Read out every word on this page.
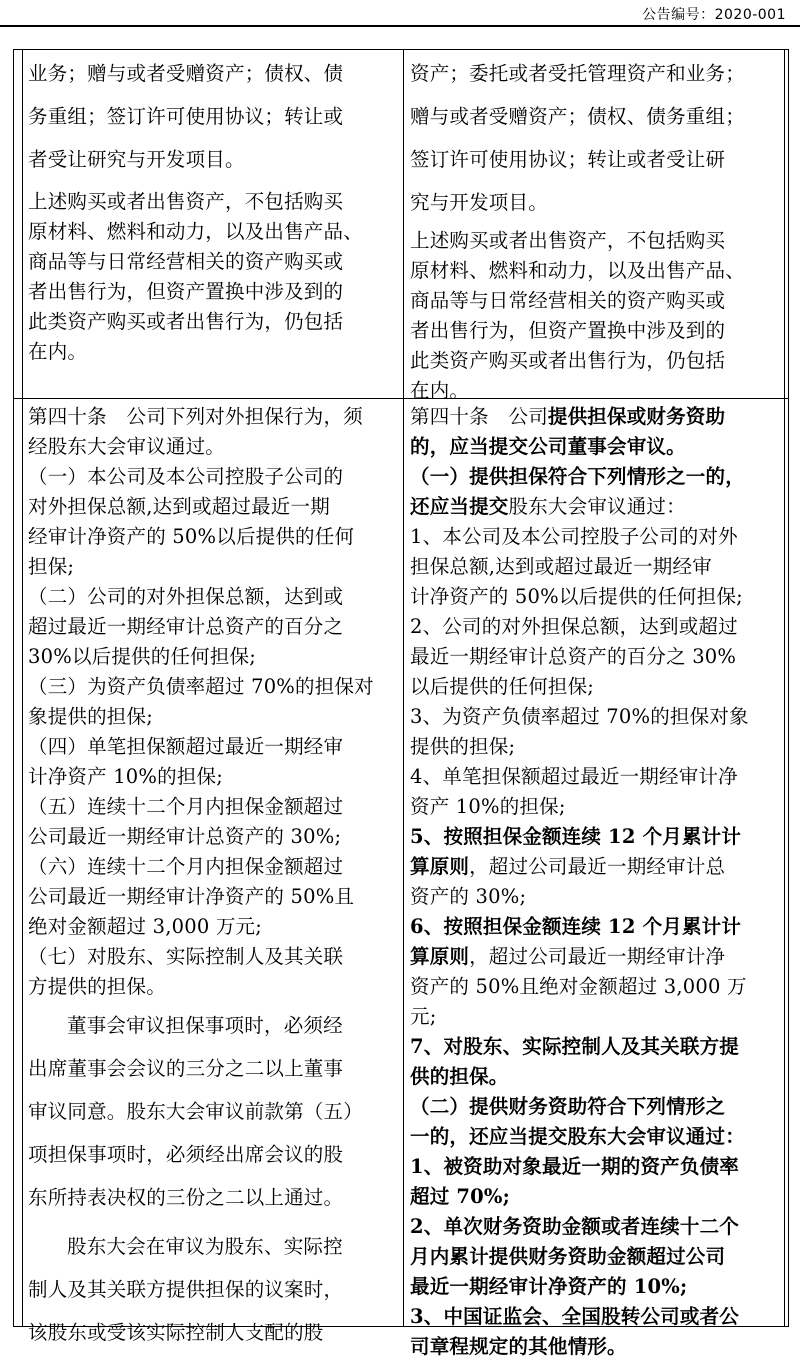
公告编号：2020-001

业务；赠与或者受赠资产；债权、债

务重组；签订许可使用协议；转让或

者受让研究与开发项目。

上述购买或者出售资产，不包括购买

原材料、燃料和动力，以及出售产品、

商品等与日常经营相关的资产购买或

者出售行为，但资产置换中涉及到的

此类资产购买或者出售行为，仍包括

在内。

资产；委托或者受托管理资产和业务；

赠与或者受赠资产；债权、债务重组；

签订许可使用协议；转让或者受让研

究与开发项目。

上述购买或者出售资产，不包括购买

原材料、燃料和动力，以及出售产品、

商品等与日常经营相关的资产购买或

者出售行为，但资产置换中涉及到的

此类资产购买或者出售行为，仍包括

在内。

第四十条　公司下列对外担保行为，须

经股东大会审议通过。

（一）本公司及本公司控股子公司的

对外担保总额,达到或超过最近一期

经审计净资产的 50%以后提供的任何

担保;

（二）公司的对外担保总额，达到或

超过最近一期经审计总资产的百分之

30%以后提供的任何担保;

（三）为资产负债率超过 70%的担保对

象提供的担保;

（四）单笔担保额超过最近一期经审

计净资产 10%的担保;

（五）连续十二个月内担保金额超过

公司最近一期经审计总资产的 30%;

（六）连续十二个月内担保金额超过

公司最近一期经审计净资产的 50%且

绝对金额超过 3,000 万元;

（七）对股东、实际控制人及其关联

方提供的担保。

董事会审议担保事项时，必须经

出席董事会会议的三分之二以上董事

审议同意。股东大会审议前款第（五）

项担保事项时，必须经出席会议的股

东所持表决权的三份之二以上通过。

股东大会在审议为股东、实际控

制人及其关联方提供担保的议案时，

该股东或受该实际控制人支配的股

第四十条　公司提供担保或财务资助

的，应当提交公司董事会审议。

（一）提供担保符合下列情形之一的，

还应当提交股东大会审议通过：

1、本公司及本公司控股子公司的对外

担保总额,达到或超过最近一期经审

计净资产的 50%以后提供的任何担保;

2、公司的对外担保总额，达到或超过

最近一期经审计总资产的百分之 30%

以后提供的任何担保;

3、为资产负债率超过 70%的担保对象

提供的担保;

4、单笔担保额超过最近一期经审计净

资产 10%的担保;

5、按照担保金额连续 12 个月累计计

算原则，超过公司最近一期经审计总

资产的 30%;

6、按照担保金额连续 12 个月累计计

算原则，超过公司最近一期经审计净

资产的 50%且绝对金额超过 3,000 万

元;

7、对股东、实际控制人及其关联方提

供的担保。

（二）提供财务资助符合下列情形之

一的，还应当提交股东大会审议通过：

1、被资助对象最近一期的资产负债率

超过 70%;

2、单次财务资助金额或者连续十二个

月内累计提供财务资助金额超过公司

最近一期经审计净资产的 10%;

3、中国证监会、全国股转公司或者公

司章程规定的其他情形。
